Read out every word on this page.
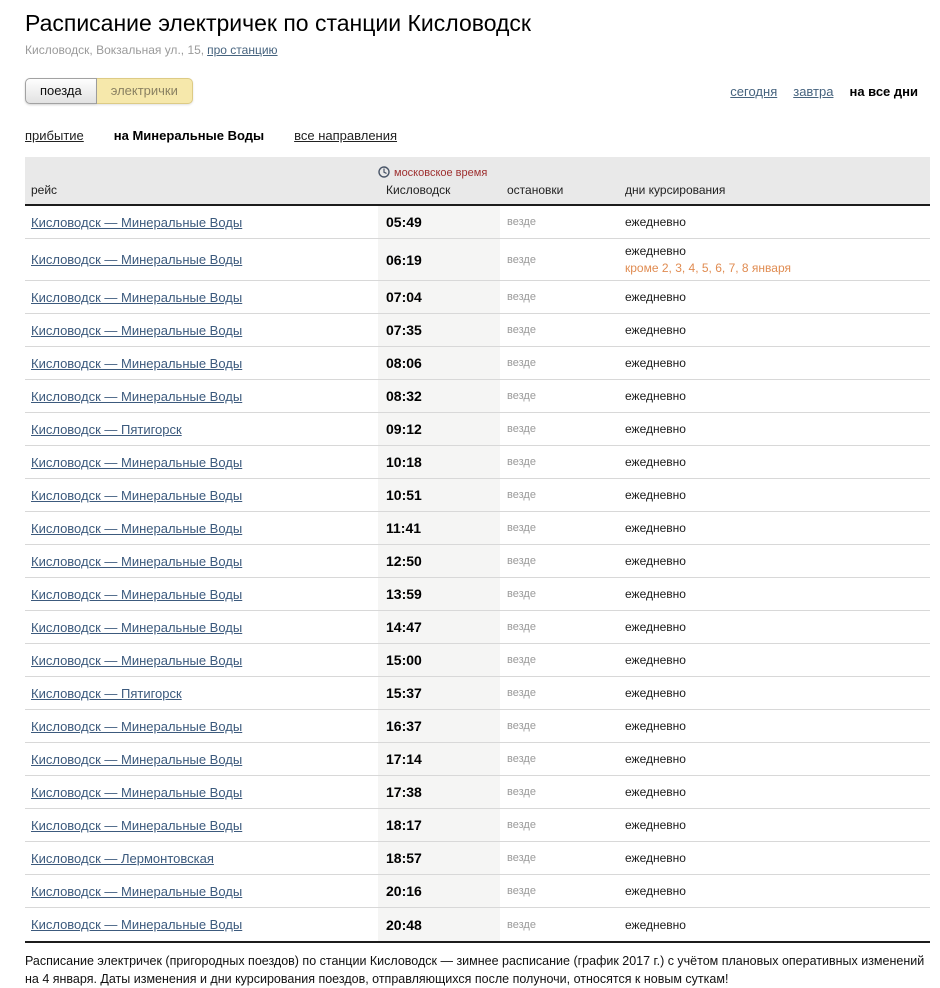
Расписание электричек по станции Кисловодск
Кисловодск, Вокзальная ул., 15, про станцию
поезда	электрички	сегодня завтра на все дни
прибытие на Минеральные Воды все направления
московское время
рейс	Кисловодск	остановки	дни курсирования
Кисловодск — Минеральные Воды	05:49	везде	ежедневно
Кисловодск — Минеральные Воды	06:19	везде
ежедневно
кроме 2, 3, 4, 5, 6, 7, 8 января
Кисловодск — Минеральные Воды	07:04	везде	ежедневно
Кисловодск — Минеральные Воды	07:35	везде	ежедневно
Кисловодск — Минеральные Воды	08:06	везде	ежедневно
Кисловодск — Минеральные Воды	08:32	везде	ежедневно
Кисловодск — Пятигорск	09:12	везде	ежедневно
Кисловодск — Минеральные Воды	10:18	везде	ежедневно
Кисловодск — Минеральные Воды	10:51	везде	ежедневно
Кисловодск — Минеральные Воды	11:41	везде	ежедневно
Кисловодск — Минеральные Воды	12:50	везде	ежедневно
Кисловодск — Минеральные Воды	13:59	везде	ежедневно
Кисловодск — Минеральные Воды	14:47	везде	ежедневно
Кисловодск — Минеральные Воды	15:00	везде	ежедневно
Кисловодск — Пятигорск	15:37	везде	ежедневно
Кисловодск — Минеральные Воды	16:37	везде	ежедневно
Кисловодск — Минеральные Воды	17:14	везде	ежедневно
Кисловодск — Минеральные Воды	17:38	везде	ежедневно
Кисловодск — Минеральные Воды	18:17	везде	ежедневно
Кисловодск — Лермонтовская	18:57	везде	ежедневно
Кисловодск — Минеральные Воды	20:16	везде	ежедневно
Кисловодск — Минеральные Воды	20:48	везде	ежедневно
Расписание электричек (пригородных поездов) по станции Кисловодск — зимнее расписание (график 2017 г.) с учётом плановых оперативных изменений на 4 января. Даты изменения и дни курсирования поездов, отправляющихся после полуночи, относятся к новым суткам!
